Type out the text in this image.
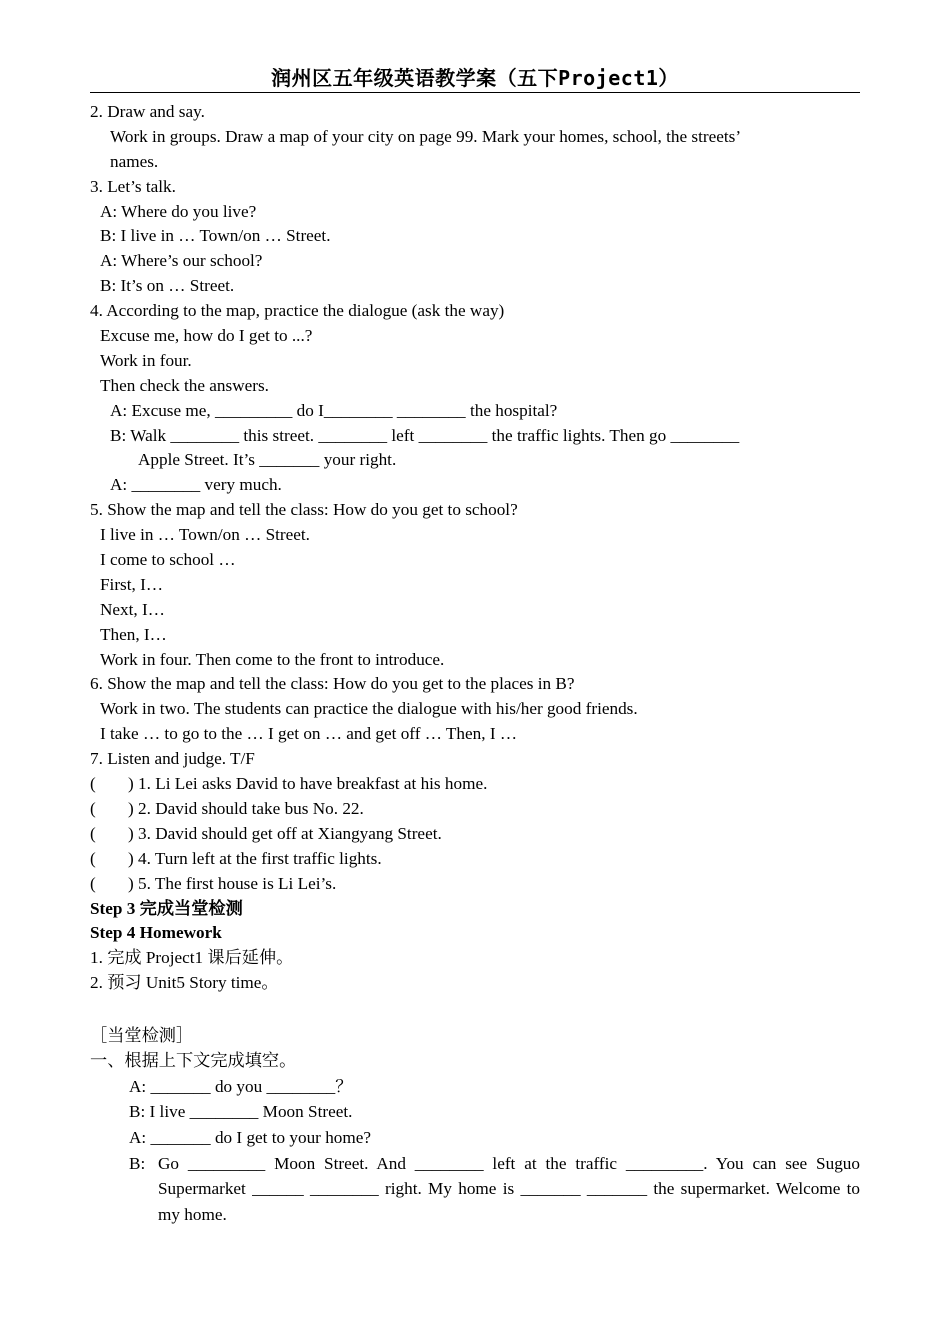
润州区五年级英语教学案（五下Project1）
2. Draw and say.
Work in groups. Draw a map of your city on page 99. Mark your homes, school, the streets’
names.
3. Let’s talk.
A: Where do you live?
B: I live in … Town/on … Street.
A: Where’s our school?
B: It’s on … Street.
4. According to the map, practice the dialogue (ask the way)
Excuse me, how do I get to ...?
Work in four.
Then check the answers.
A: Excuse me, _________ do I________ ________ the hospital?
B: Walk ________ this street. ________ left ________ the traffic lights. Then go ________
Apple Street. It’s _______ your right.
A: ________ very much.
5. Show the map and tell the class: How do you get to school?
I live in … Town/on … Street.
I come to school …
First, I…
Next, I…
Then, I…
Work in four. Then come to the front to introduce.
6. Show the map and tell the class: How do you get to the places in B?
Work in two. The students can practice the dialogue with his/her good friends.
I take … to go to the … I get on … and get off … Then, I …
7. Listen and judge. T/F
( ) 1. Li Lei asks David to have breakfast at his home.
( ) 2. David should take bus No. 22.
( ) 3. David should get off at Xiangyang Street.
( ) 4. Turn left at the first traffic lights.
( ) 5. The first house is Li Lei’s.
Step 3 完成当堂检测
Step 4 Homework
1. 完成 Project1 课后延伸。
2. 预习 Unit5 Story time。
［当堂检测］
一、根据上下文完成填空。
A: _______ do you ________？
B: I live ________ Moon Street.
A: _______ do I get to your home?
B: Go _________ Moon Street. And ________ left at the traffic _________. You can see Suguo Supermarket ______ ________ right. My home is _______ _______ the supermarket. Welcome to my home.
